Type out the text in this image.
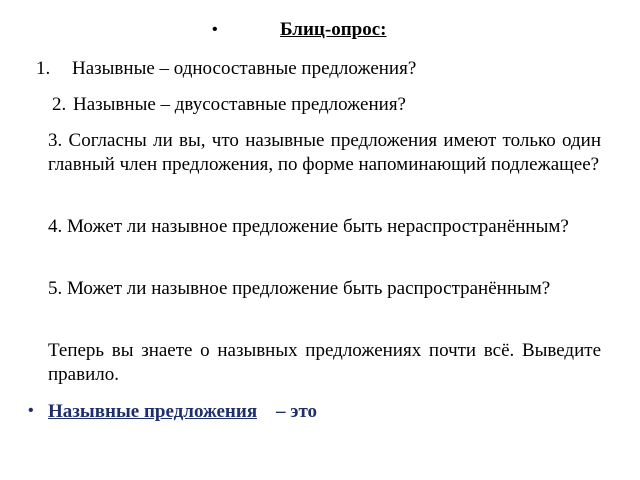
•	Блиц-опрос:
1. Назывные – односоставные предложения?
2. Назывные – двусоставные предложения?
3. Согласны ли вы, что назывные предложения имеют только один главный член предложения, по форме напоминающий подлежащее?
4. Может ли назывное предложение быть нераспространённым?
5. Может ли назывное предложение быть распространённым?
Теперь вы знаете о назывных предложениях почти всё. Выведите правило.
• Назывные предложения – это
